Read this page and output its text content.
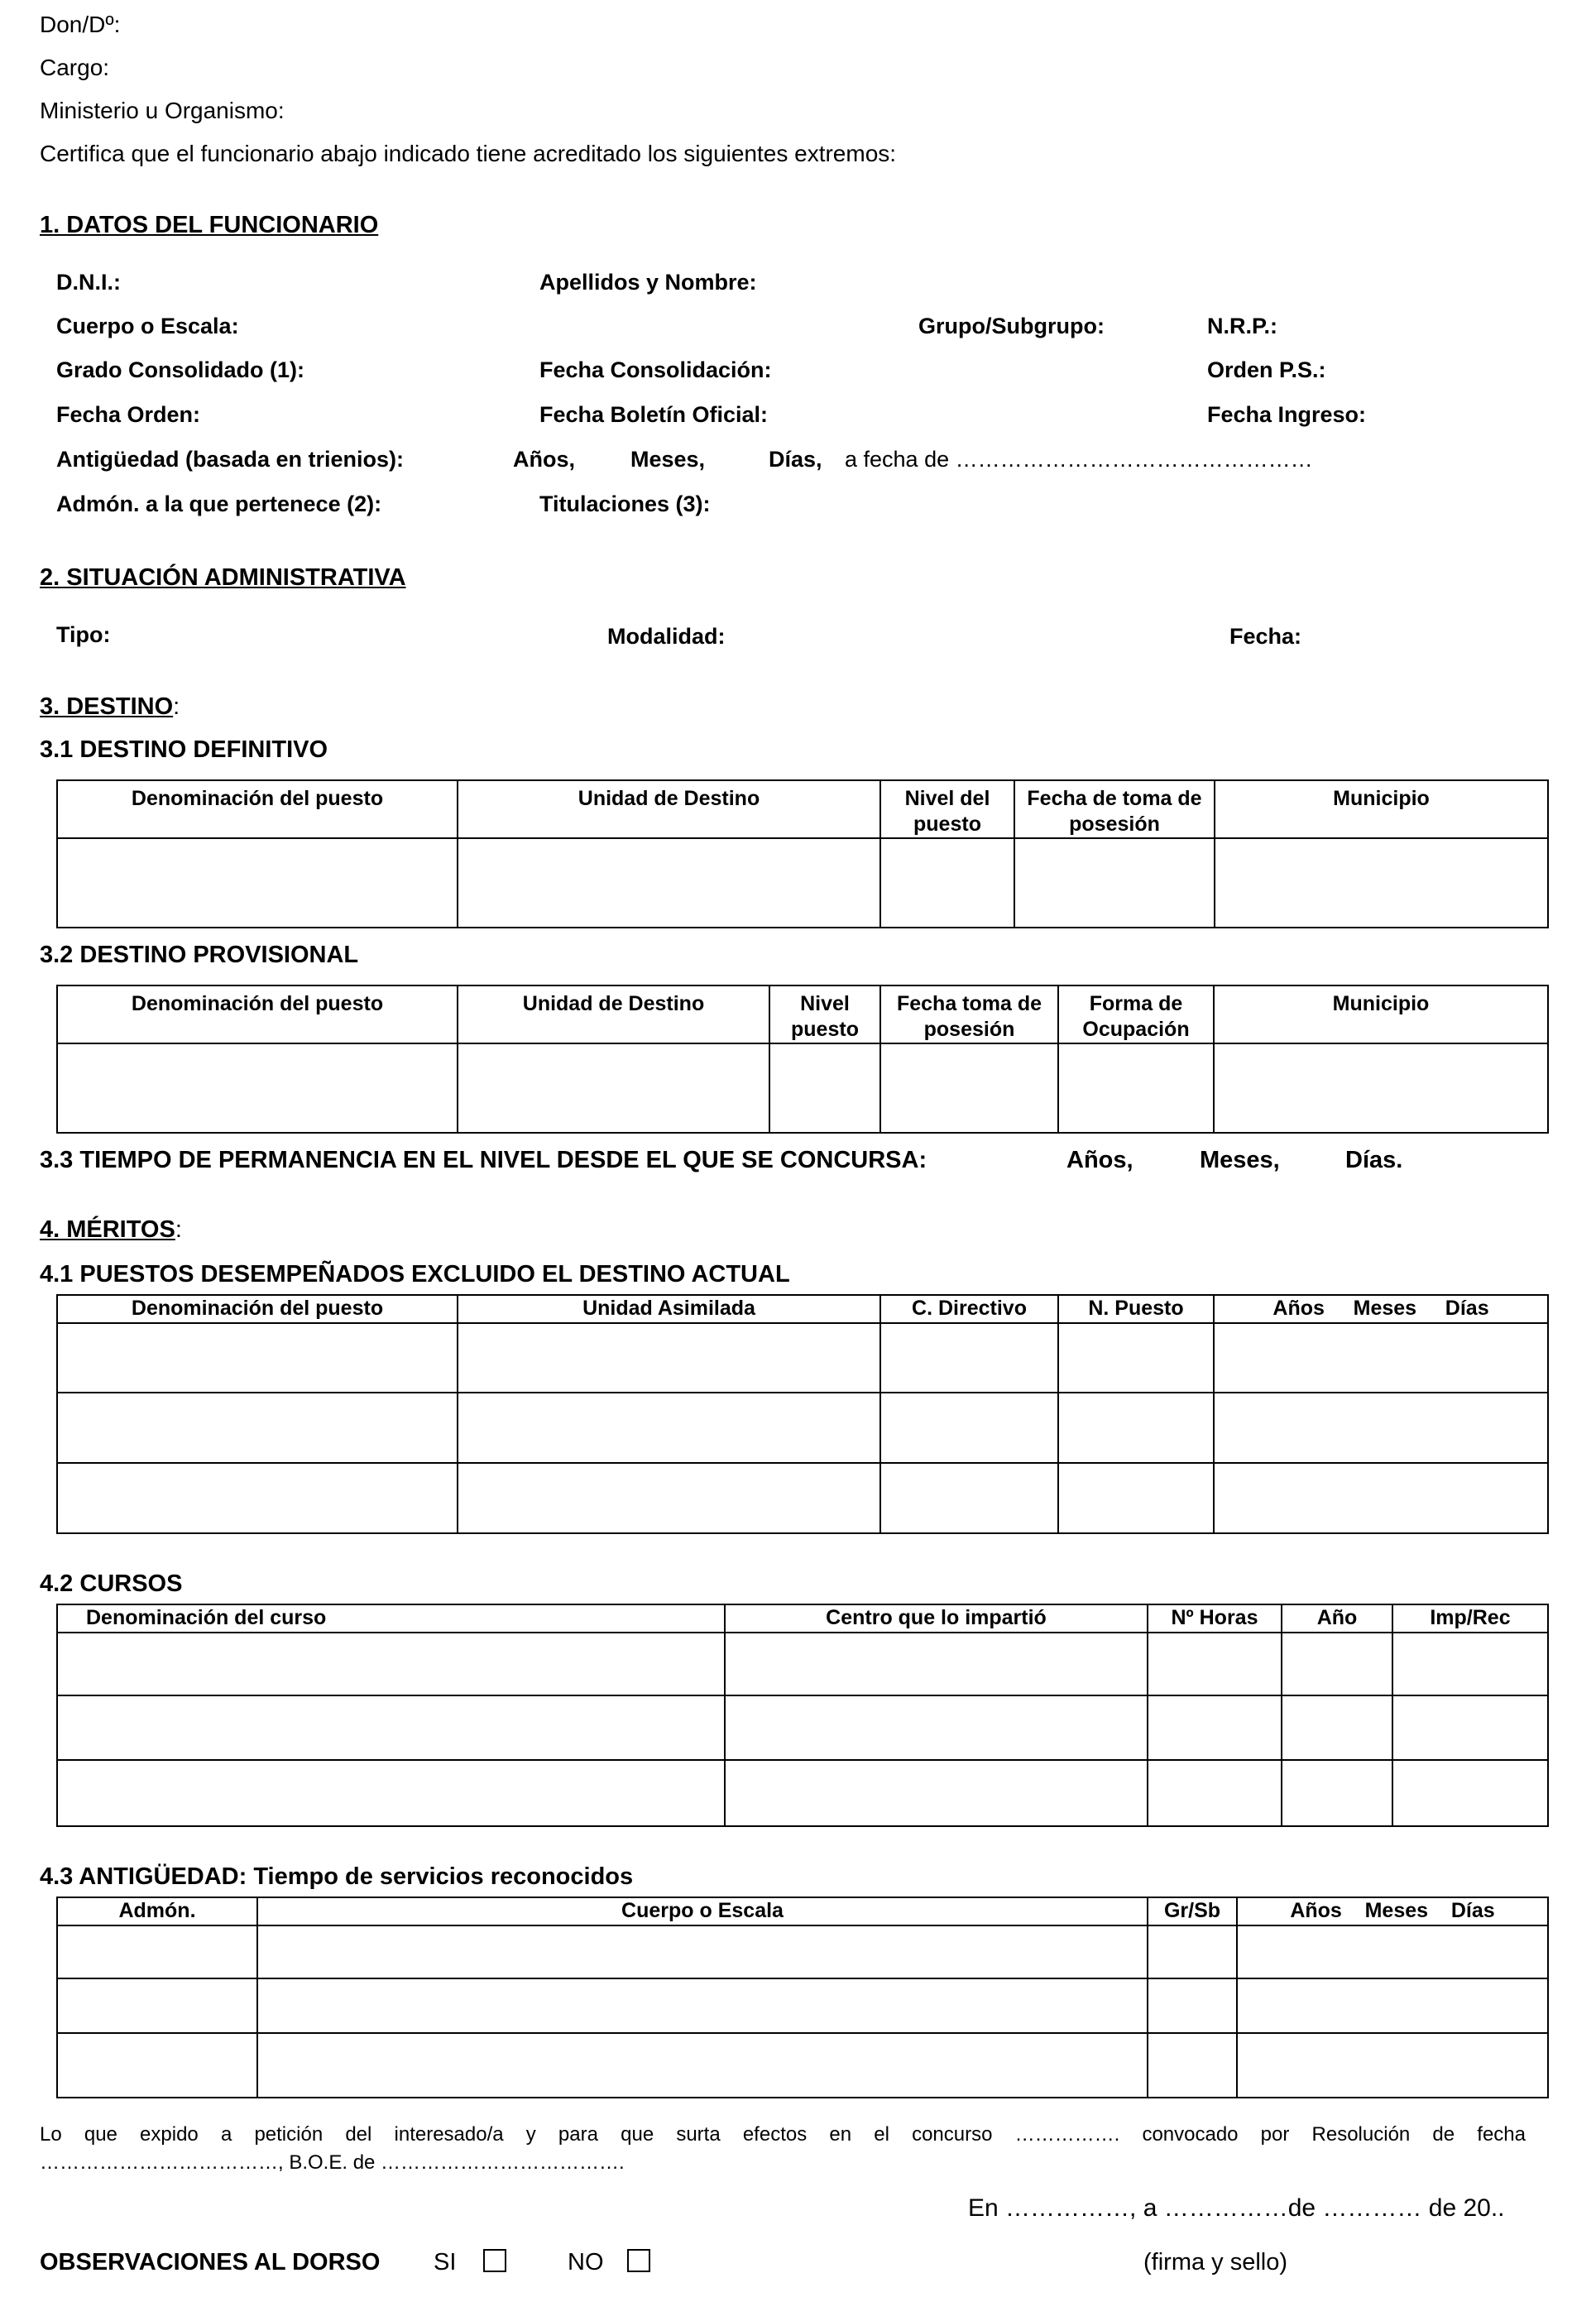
Don/Dº:
Cargo:
Ministerio u Organismo:
Certifica que el funcionario abajo indicado tiene acreditado los siguientes extremos:
1. DATOS DEL FUNCIONARIO
D.N.I.:	Apellidos y Nombre:
Cuerpo o Escala:	Grupo/Subgrupo:	N.R.P.:
Grado Consolidado (1):	Fecha Consolidación:	Orden P.S.:
Fecha Orden:	Fecha Boletín Oficial:	Fecha Ingreso:
Antigüedad (basada en trienios):	Años, Meses,	Días, a fecha de …………………………………………
Admón. a la que pertenece (2):	Titulaciones (3):
2. SITUACIÓN ADMINISTRATIVA
Tipo:	Modalidad:	Fecha:
3. DESTINO:
3.1 DESTINO DEFINITIVO
Denominación del puesto	Unidad de Destino	Nivel del puesto	Fecha de toma de posesión	Municipio

3.2 DESTINO PROVISIONAL
Denominación del puesto	Unidad de Destino	Nivel puesto	Fecha toma de posesión	Forma de Ocupación	Municipio

3.3 TIEMPO DE PERMANENCIA EN EL NIVEL DESDE EL QUE SE CONCURSA:	Años,	Meses,	Días.
4. MÉRITOS:
4.1 PUESTOS DESEMPEÑADOS EXCLUIDO EL DESTINO ACTUAL
Denominación del puesto	Unidad Asimilada	C. Directivo	N. Puesto	Años     Meses     Días

4.2 CURSOS
Denominación del curso	Centro que lo impartió	Nº Horas	Año	Imp/Rec

4.3 ANTIGÜEDAD: Tiempo de servicios reconocidos
Admón.	Cuerpo o Escala	Gr/Sb	Años    Meses    Días

Lo que expido a petición del interesado/a y para que surta efectos en el concurso ……………. convocado por Resolución de fecha
………………………………, B.O.E. de ……………………………….
En ……………, a ……………de ………… de 20..
OBSERVACIONES AL DORSO SI	NO	(firma y sello)
